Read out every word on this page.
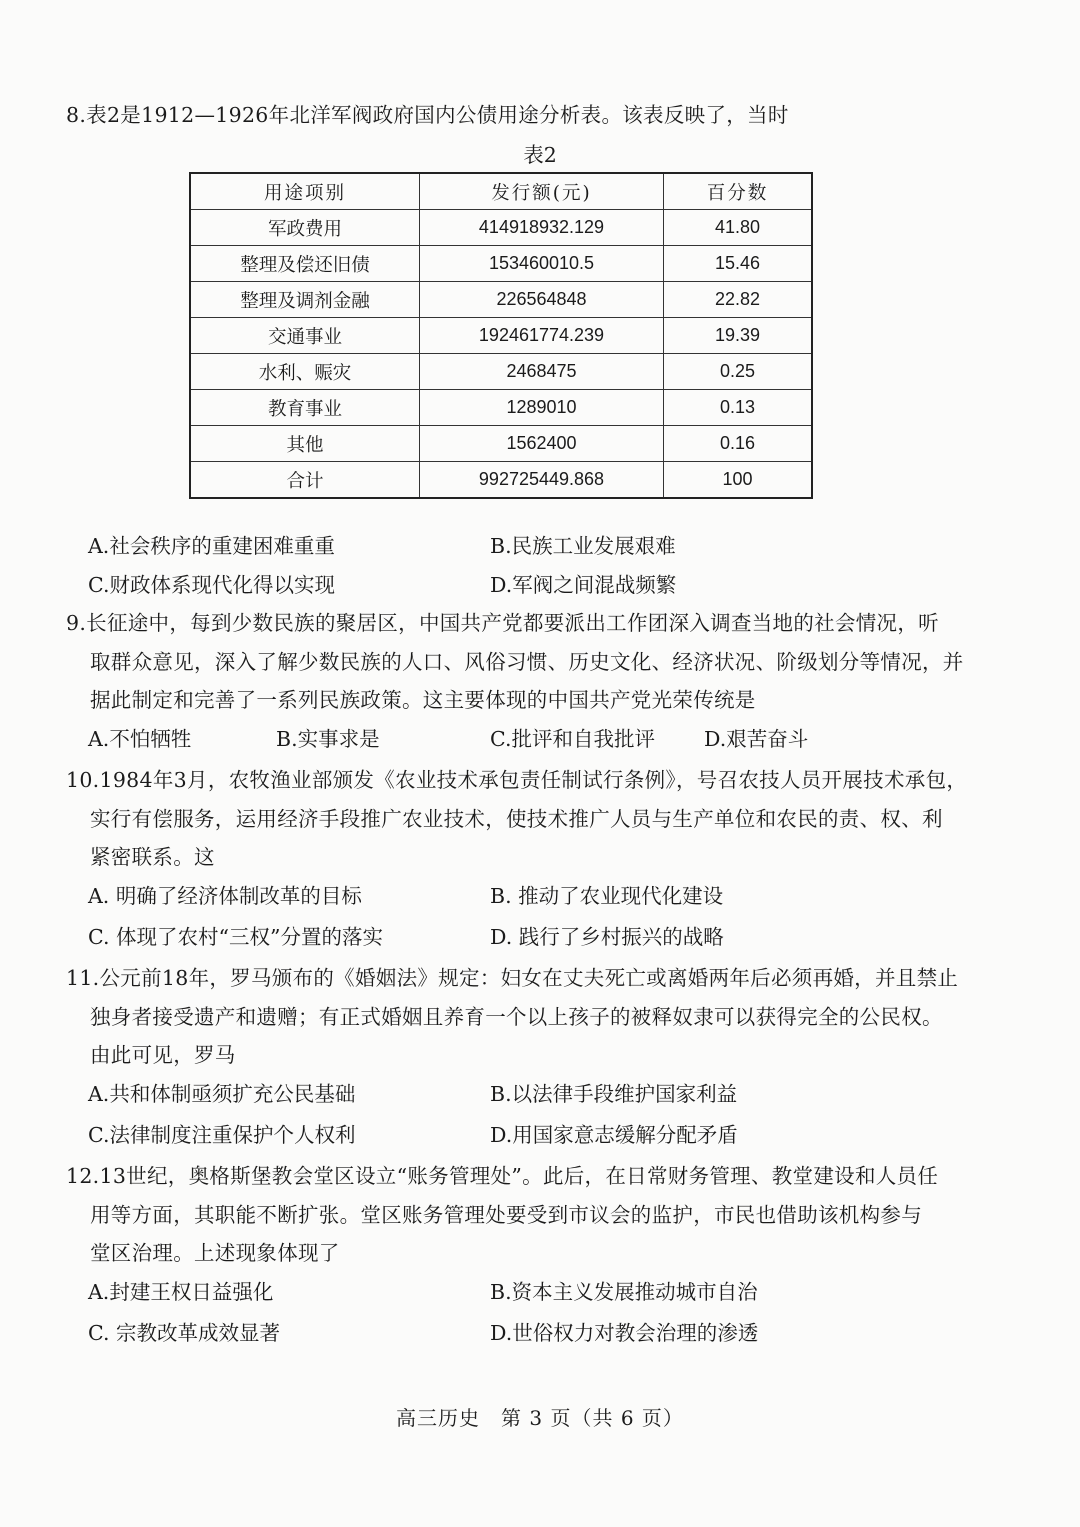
8.表2是1912—1926年北洋军阀政府国内公债用途分析表。该表反映了，当时
表2
用途项别	发行额(元)	百分数
军政费用	414918932.129	41.80
整理及偿还旧债	153460010.5	15.46
整理及调剂金融	226564848	22.82
交通事业	192461774.239	19.39
水利、赈灾	2468475	0.25
教育事业	1289010	0.13
其他	1562400	0.16
合计	992725449.868	100
A.社会秩序的重建困难重重	B.民族工业发展艰难
C.财政体系现代化得以实现	D.军阀之间混战频繁
9.长征途中，每到少数民族的聚居区，中国共产党都要派出工作团深入调查当地的社会情况，听
取群众意见，深入了解少数民族的人口、风俗习惯、历史文化、经济状况、阶级划分等情况，并
据此制定和完善了一系列民族政策。这主要体现的中国共产党光荣传统是
A.不怕牺牲	B.实事求是	C.批评和自我批评 D.艰苦奋斗
10.1984年3月，农牧渔业部颁发《农业技术承包责任制试行条例》，号召农技人员开展技术承包，
实行有偿服务，运用经济手段推广农业技术，使技术推广人员与生产单位和农民的责、权、利
紧密联系。这
A. 明确了经济体制改革的目标	B. 推动了农业现代化建设
C. 体现了农村“三权”分置的落实	D. 践行了乡村振兴的战略
11.公元前18年，罗马颁布的《婚姻法》规定：妇女在丈夫死亡或离婚两年后必须再婚，并且禁止
独身者接受遗产和遗赠；有正式婚姻且养育一个以上孩子的被释奴隶可以获得完全的公民权。
由此可见，罗马
A.共和体制亟须扩充公民基础	B.以法律手段维护国家利益
C.法律制度注重保护个人权利	D.用国家意志缓解分配矛盾
12.13世纪，奥格斯堡教会堂区设立“账务管理处”。此后，在日常财务管理、教堂建设和人员任
用等方面，其职能不断扩张。堂区账务管理处要受到市议会的监护，市民也借助该机构参与
堂区治理。上述现象体现了
A.封建王权日益强化	B.资本主义发展推动城市自治
C. 宗教改革成效显著	D.世俗权力对教会治理的渗透
高三历史　第 3 页（共 6 页）
